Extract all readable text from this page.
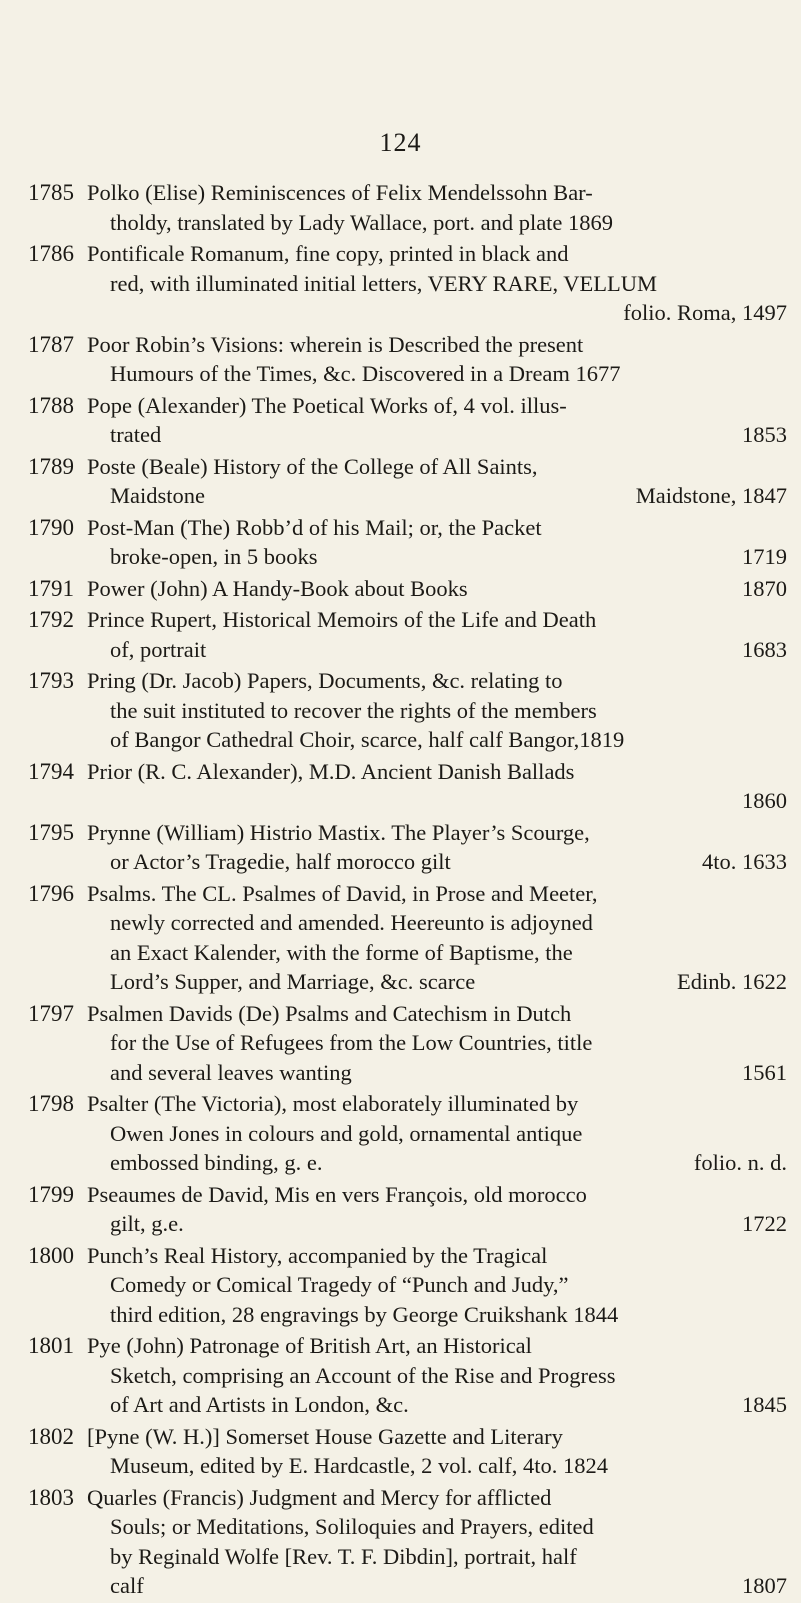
124
1785 Polko (Elise) Reminiscences of Felix Mendelssohn Bar-
tholdy, translated by Lady Wallace, port. and plate 1869
1786 Pontificale Romanum, fine copy, printed in black and
red, with illuminated initial letters, VERY RARE, VELLUM
folio. Roma, 1497
1787 Poor Robin’s Visions: wherein is Described the present
Humours of the Times, &c. Discovered in a Dream 1677
1788 Pope (Alexander) The Poetical Works of, 4 vol. illus-
trated	1853
1789 Poste (Beale) History of the College of All Saints,
Maidstone	Maidstone, 1847
1790 Post-Man (The) Robb’d of his Mail; or, the Packet
broke-open, in 5 books	1719
1791 Power (John) A Handy-Book about Books	1870
1792 Prince Rupert, Historical Memoirs of the Life and Death
of, portrait	1683
1793 Pring (Dr. Jacob) Papers, Documents, &c. relating to
the suit instituted to recover the rights of the members
of Bangor Cathedral Choir, scarce, half calf Bangor,1819
1794 Prior (R. C. Alexander), M.D. Ancient Danish Ballads
1860
1795 Prynne (William) Histrio Mastix. The Player’s Scourge,
or Actor’s Tragedie, half morocco gilt	4to. 1633
1796 Psalms. The CL. Psalmes of David, in Prose and Meeter,
newly corrected and amended. Heereunto is adjoyned
an Exact Kalender, with the forme of Baptisme, the
Lord’s Supper, and Marriage, &c. scarce	Edinb. 1622
1797 Psalmen Davids (De) Psalms and Catechism in Dutch
for the Use of Refugees from the Low Countries, title
and several leaves wanting	1561
1798 Psalter (The Victoria), most elaborately illuminated by
Owen Jones in colours and gold, ornamental antique
embossed binding, g. e.	folio. n. d.
1799 Pseaumes de David, Mis en vers François, old morocco
gilt, g.e.	1722
1800 Punch’s Real History, accompanied by the Tragical
Comedy or Comical Tragedy of “Punch and Judy,”
third edition, 28 engravings by George Cruikshank 1844
1801 Pye (John) Patronage of British Art, an Historical
Sketch, comprising an Account of the Rise and Progress
of Art and Artists in London, &c.	1845
1802 [Pyne (W. H.)] Somerset House Gazette and Literary
Museum, edited by E. Hardcastle, 2 vol. calf, 4to. 1824
1803 Quarles (Francis) Judgment and Mercy for afflicted
Souls; or Meditations, Soliloquies and Prayers, edited
by Reginald Wolfe [Rev. T. F. Dibdin], portrait, half
calf	1807
